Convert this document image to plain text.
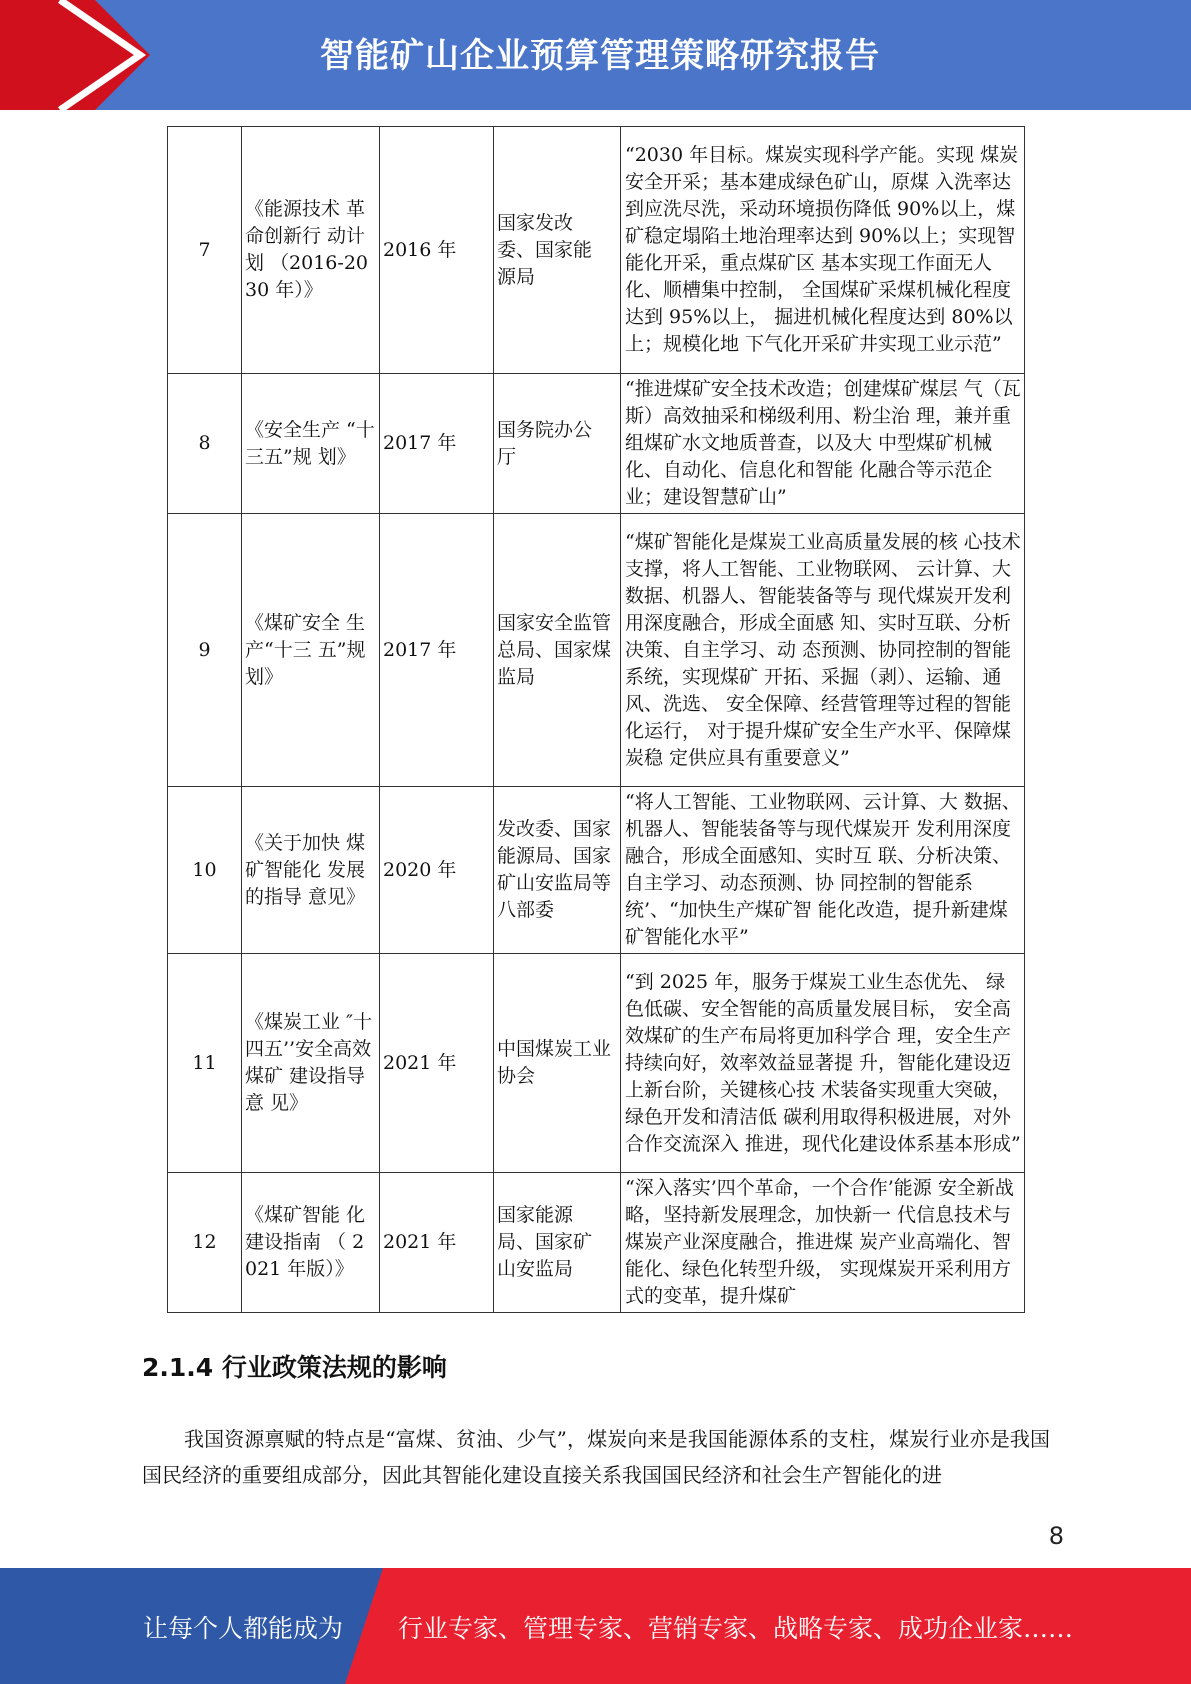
智能矿山企业预算管理策略研究报告
7	《能源技术 革命创新行 动计划 （2016-2030 年）》	2016 年	国家发改 委、国家能 源局	“2030 年目标。煤炭实现科学产能。实现 煤炭安全开采；基本建成绿色矿山，原煤 入洗率达到应洗尽洗，采动环境损伤降低 90%以上，煤矿稳定塌陷土地治理率达到 90%以上；实现智能化开采，重点煤矿区 基本实现工作面无人化、顺槽集中控制， 全国煤矿采煤机械化程度达到 95%以上， 掘进机械化程度达到 80%以上；规模化地 下气化开采矿井实现工业示范”
8	《安全生产 “十三五”规 划》	2017 年	国务院办公 厅	“推进煤矿安全技术改造；创建煤矿煤层 气（瓦斯）高效抽采和梯级利用、粉尘治 理，兼并重组煤矿水文地质普查，以及大 中型煤矿机械化、自动化、信息化和智能 化融合等示范企业；建设智慧矿山”
9	《煤矿安全 生产“十三 五”规划》	2017 年	国家安全监管总局、国家煤监局	“煤矿智能化是煤炭工业高质量发展的核 心技术支撑，将人工智能、工业物联网、 云计算、大数据、机器人、智能装备等与 现代煤炭开发利用深度融合，形成全面感 知、实时互联、分析决策、自主学习、动 态预测、协同控制的智能系统，实现煤矿 开拓、采掘（剥）、运输、通风、洗选、 安全保障、经营管理等过程的智能化运行， 对于提升煤矿安全生产水平、保障煤炭稳 定供应具有重要意义”
10	《关于加快 煤矿智能化 发展的指导 意见》	2020 年	发改委、国家能源局、国家矿山安监局等八部委	“将人工智能、工业物联网、云计算、大 数据、机器人、智能装备等与现代煤炭开 发利用深度融合，形成全面感知、实时互 联、分析决策、自主学习、动态预测、协 同控制的智能系统’、“加快生产煤矿智 能化改造，提升新建煤矿智能化水平”
11	《煤炭工业 ″十四五’’安全高效煤矿 建设指导意 见》	2021 年	中国煤炭工业协会	“到 2025 年，服务于煤炭工业生态优先、 绿色低碳、安全智能的高质量发展目标， 安全高效煤矿的生产布局将更加科学合 理，安全生产持续向好，效率效益显著提 升，智能化建设迈上新台阶，关键核心技 术装备实现重大突破，绿色开发和清洁低 碳利用取得积极进展，对外合作交流深入 推进，现代化建设体系基本形成”
12	《煤矿智能 化建设指南 （ 2021 年版）》	2021 年	国家能源 局、国家矿 山安监局	“深入落实’四个革命，一个合作’能源 安全新战略，坚持新发展理念，加快新一 代信息技术与煤炭产业深度融合，推进煤 炭产业高端化、智能化、绿色化转型升级， 实现煤炭开采利用方式的变革，提升煤矿
2.1.4 行业政策法规的影响
我国资源禀赋的特点是“富煤、贫油、少气”，煤炭向来是我国能源体系的支柱，煤炭行业亦是我国国民经济的重要组成部分，因此其智能化建设直接关系我国国民经济和社会生产智能化的进
8
让每个人都能成为 行业专家、管理专家、营销专家、战略专家、成功企业家……
